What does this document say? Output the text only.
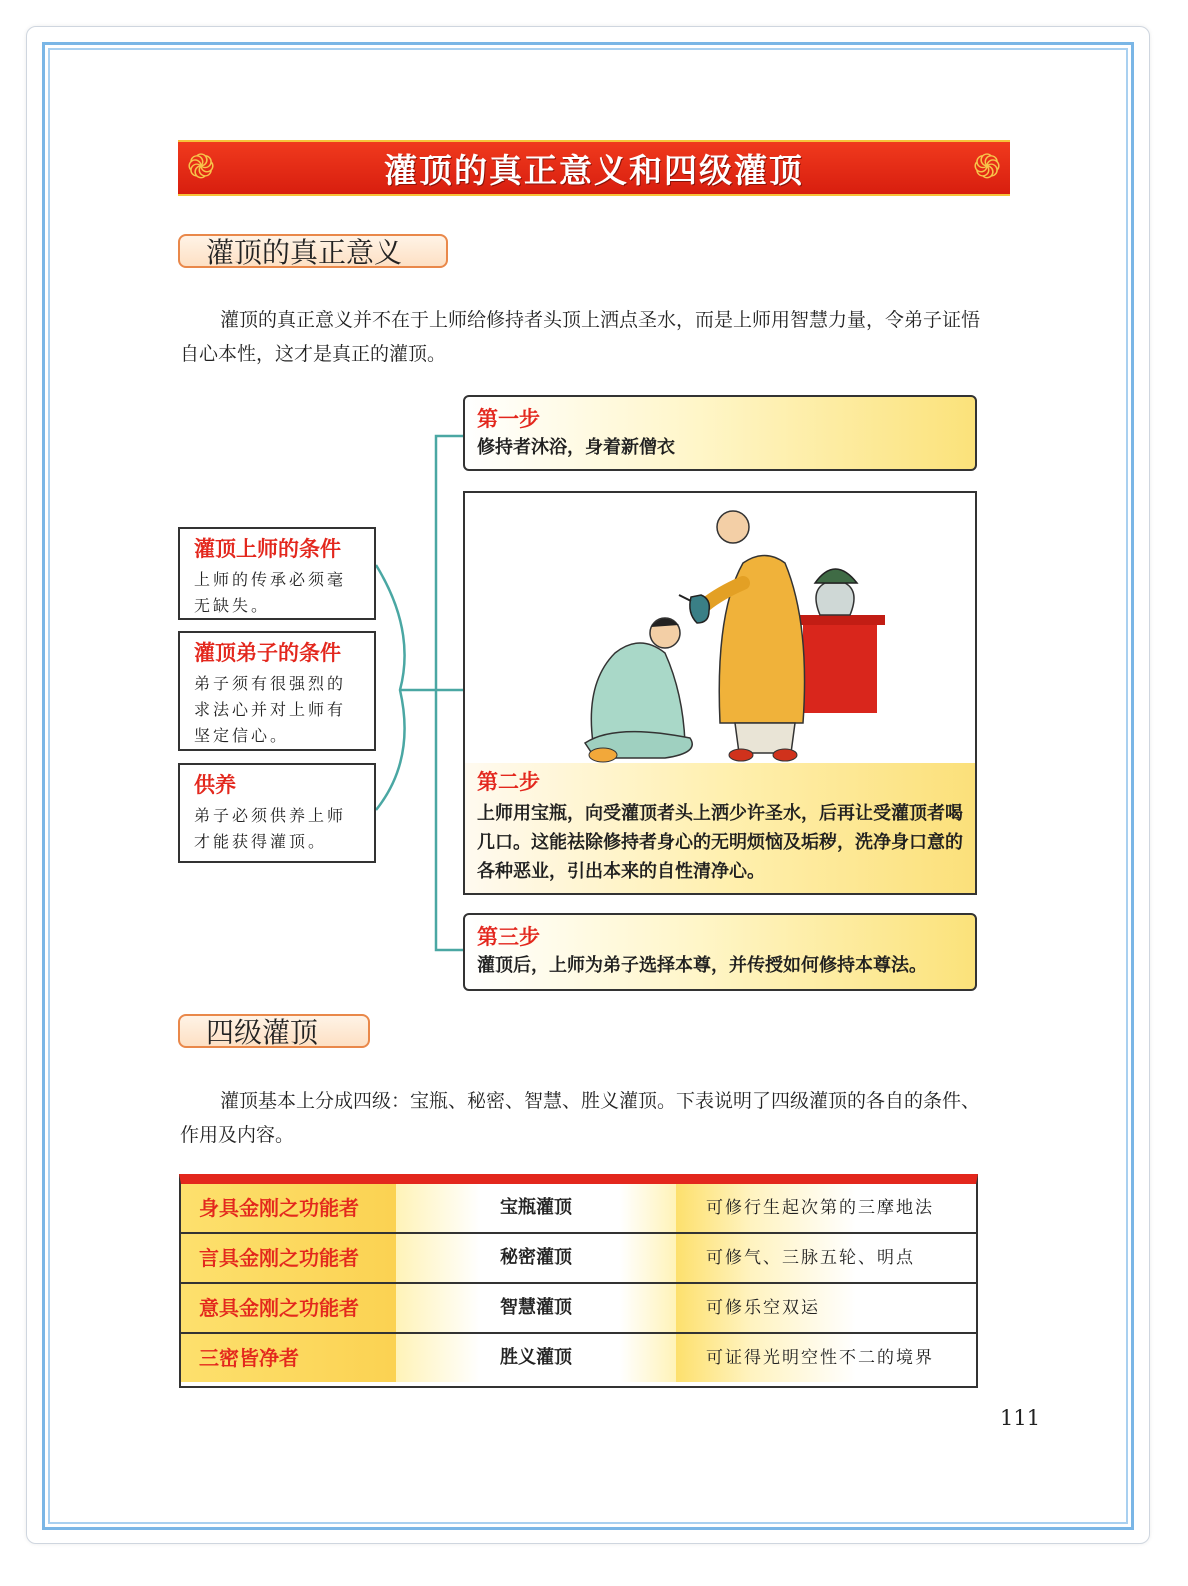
֎	灌顶的真正意义和四级灌顶	֍
灌顶的真正意义

灌顶的真正意义并不在于上师给修持者头顶上洒点圣水，而是上师用智慧力量，令弟子证悟自心本性，这才是真正的灌顶。

灌顶上师的条件
上师的传承必须毫无缺失。
灌顶弟子的条件
弟子须有很强烈的求法心并对上师有坚定信心。
供养
弟子必须供养上师才能获得灌顶。
第一步
修持者沐浴，身着新僧衣
第二步
上师用宝瓶，向受灌顶者头上洒少许圣水，后再让受灌顶者喝几口。这能祛除修持者身心的无明烦恼及垢秽，洗净身口意的各种恶业，引出本来的自性清净心。
第三步
灌顶后，上师为弟子选择本尊，并传授如何修持本尊法。
四级灌顶

灌顶基本上分成四级：宝瓶、秘密、智慧、胜义灌顶。下表说明了四级灌顶的各自的条件、作用及内容。

身具金刚之功能者	宝瓶灌顶	可修行生起次第的三摩地法
言具金刚之功能者	秘密灌顶	可修气、三脉五轮、明点
意具金刚之功能者	智慧灌顶	可修乐空双运
三密皆净者	胜义灌顶	可证得光明空性不二的境界
111
